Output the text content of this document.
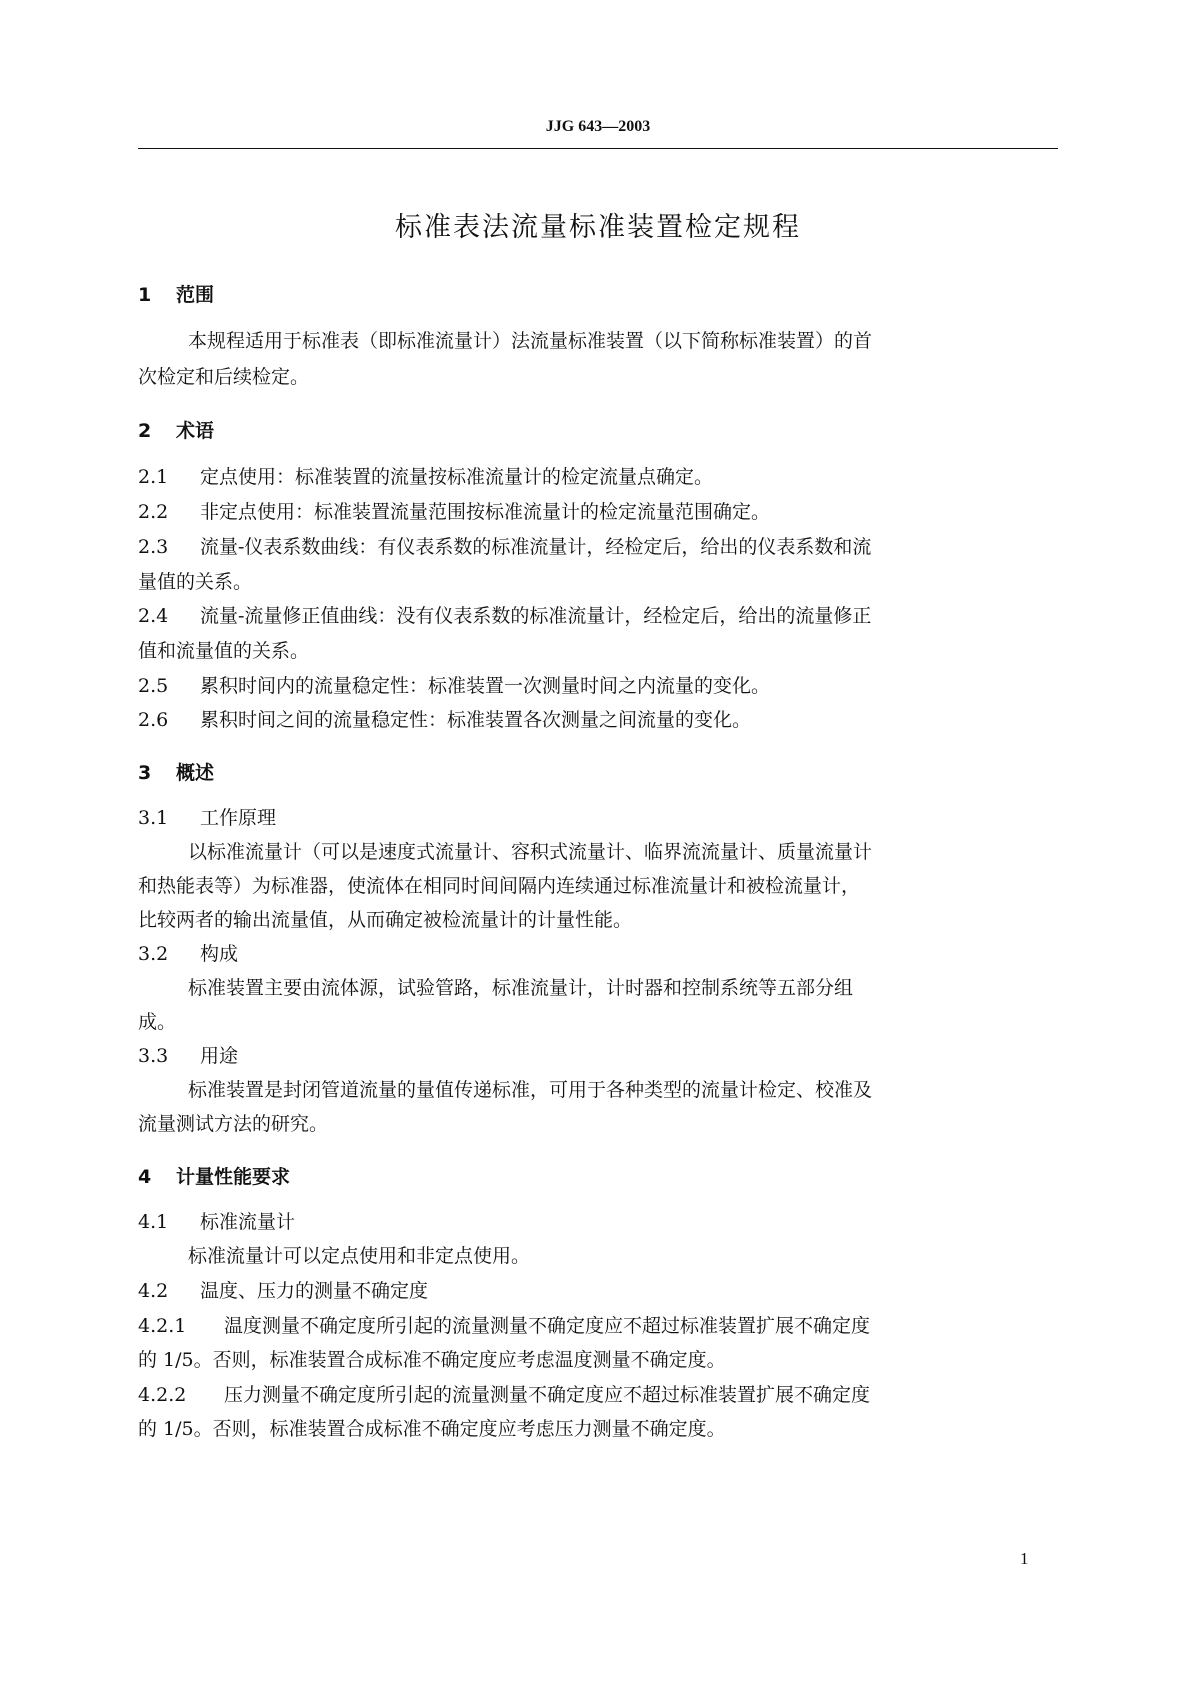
JJG 643—2003
标准表法流量标准装置检定规程
1 范围
本规程适用于标准表（即标准流量计）法流量标准装置（以下简称标准装置）的首
次检定和后续检定。
2 术语
2.1 定点使用：标准装置的流量按标准流量计的检定流量点确定。
2.2 非定点使用：标准装置流量范围按标准流量计的检定流量范围确定。
2.3 流量-仪表系数曲线：有仪表系数的标准流量计，经检定后，给出的仪表系数和流
量值的关系。
2.4 流量-流量修正值曲线：没有仪表系数的标准流量计，经检定后，给出的流量修正
值和流量值的关系。
2.5 累积时间内的流量稳定性：标准装置一次测量时间之内流量的变化。
2.6 累积时间之间的流量稳定性：标准装置各次测量之间流量的变化。
3 概述
3.1 工作原理
以标准流量计（可以是速度式流量计、容积式流量计、临界流流量计、质量流量计
和热能表等）为标准器，使流体在相同时间间隔内连续通过标准流量计和被检流量计，
比较两者的输出流量值，从而确定被检流量计的计量性能。
3.2 构成
标准装置主要由流体源，试验管路，标准流量计，计时器和控制系统等五部分组
成。
3.3 用途
标准装置是封闭管道流量的量值传递标准，可用于各种类型的流量计检定、校准及
流量测试方法的研究。
4 计量性能要求
4.1 标准流量计
标准流量计可以定点使用和非定点使用。
4.2 温度、压力的测量不确定度
4.2.1 温度测量不确定度所引起的流量测量不确定度应不超过标准装置扩展不确定度
的 1/5。否则，标准装置合成标准不确定度应考虑温度测量不确定度。
4.2.2 压力测量不确定度所引起的流量测量不确定度应不超过标准装置扩展不确定度
的 1/5。否则，标准装置合成标准不确定度应考虑压力测量不确定度。
1
